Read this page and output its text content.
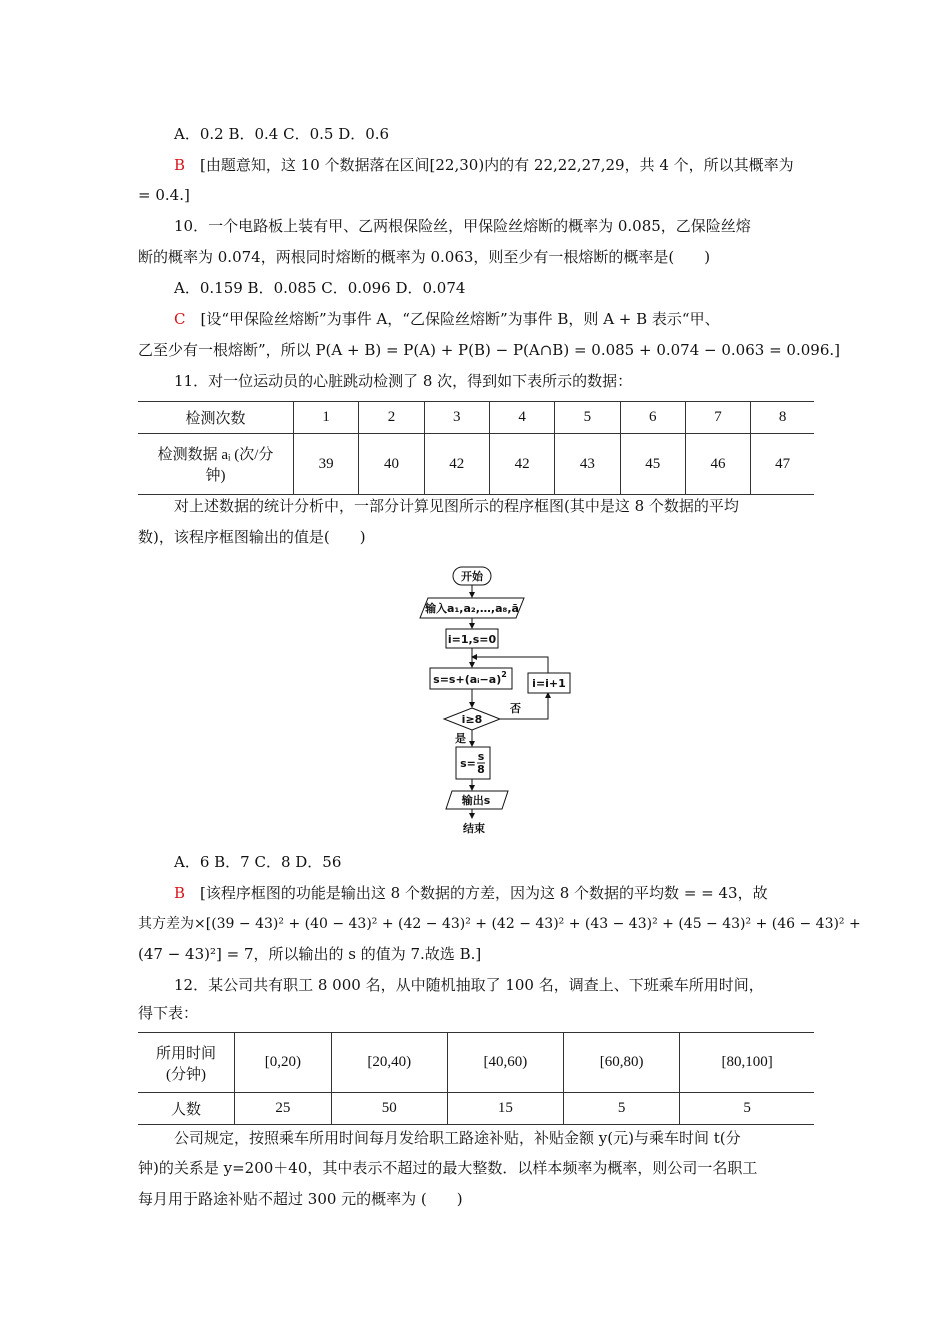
A．0.2 B．0.4 C．0.5 D．0.6
B　 [由题意知，这 10 个数据落在区间[22,30)内的有 22,22,27,29，共 4 个，所以其概率为
= 0.4.]
10．一个电路板上装有甲、乙两根保险丝，甲保险丝熔断的概率为 0.085，乙保险丝熔
断的概率为 0.074，两根同时熔断的概率为 0.063，则至少有一根熔断的概率是(　　)
A．0.159 B．0.085 C．0.096 D．0.074
C　 [设“甲保险丝熔断”为事件 A，“乙保险丝熔断”为事件 B，则 A + B 表示“甲、
乙至少有一根熔断”，所以 P(A + B) = P(A) + P(B) − P(A∩B) = 0.085 + 0.074 − 0.063 = 0.096.]
11．对一位运动员的心脏跳动检测了 8 次，得到如下表所示的数据：
检测次数	1	2	3	4	5	6	7	8

检测数据 aᵢ (次/分
钟)	39	40	42	42	43	45	46	47
对上述数据的统计分析中，一部分计算见图所示的程序框图(其中是这 8 个数据的平均
数)，该程序框图输出的值是(　　)
开始
输入a₁,a₂,…,a₈,ā
i=1,s=0
s=s+(aᵢ−a)$^2$
i≥8
否
i=i+1
是
s=
s
8
输出s
结束
A．6 B．7 C．8 D．56
B　 [该程序框图的功能是输出这 8 个数据的方差，因为这 8 个数据的平均数 = = 43，故
其方差为×[(39 − 43)² + (40 − 43)² + (42 − 43)² + (42 − 43)² + (43 − 43)² + (45 − 43)² + (46 − 43)² +
(47 − 43)²] = 7，所以输出的 s 的值为 7.故选 B.]
12．某公司共有职工 8 000 名，从中随机抽取了 100 名，调查上、下班乘车所用时间，
得下表：
所用时间
(分钟)	[0,20)	[20,40)	[40,60)	[60,80)	[80,100]
人数	25	50	15	5	5
公司规定，按照乘车所用时间每月发给职工路途补贴，补贴金额 y(元)与乘车时间 t(分
钟)的关系是 y=200＋40，其中表示不超过的最大整数．以样本频率为概率，则公司一名职工
每月用于路途补贴不超过 300 元的概率为 (　　)
